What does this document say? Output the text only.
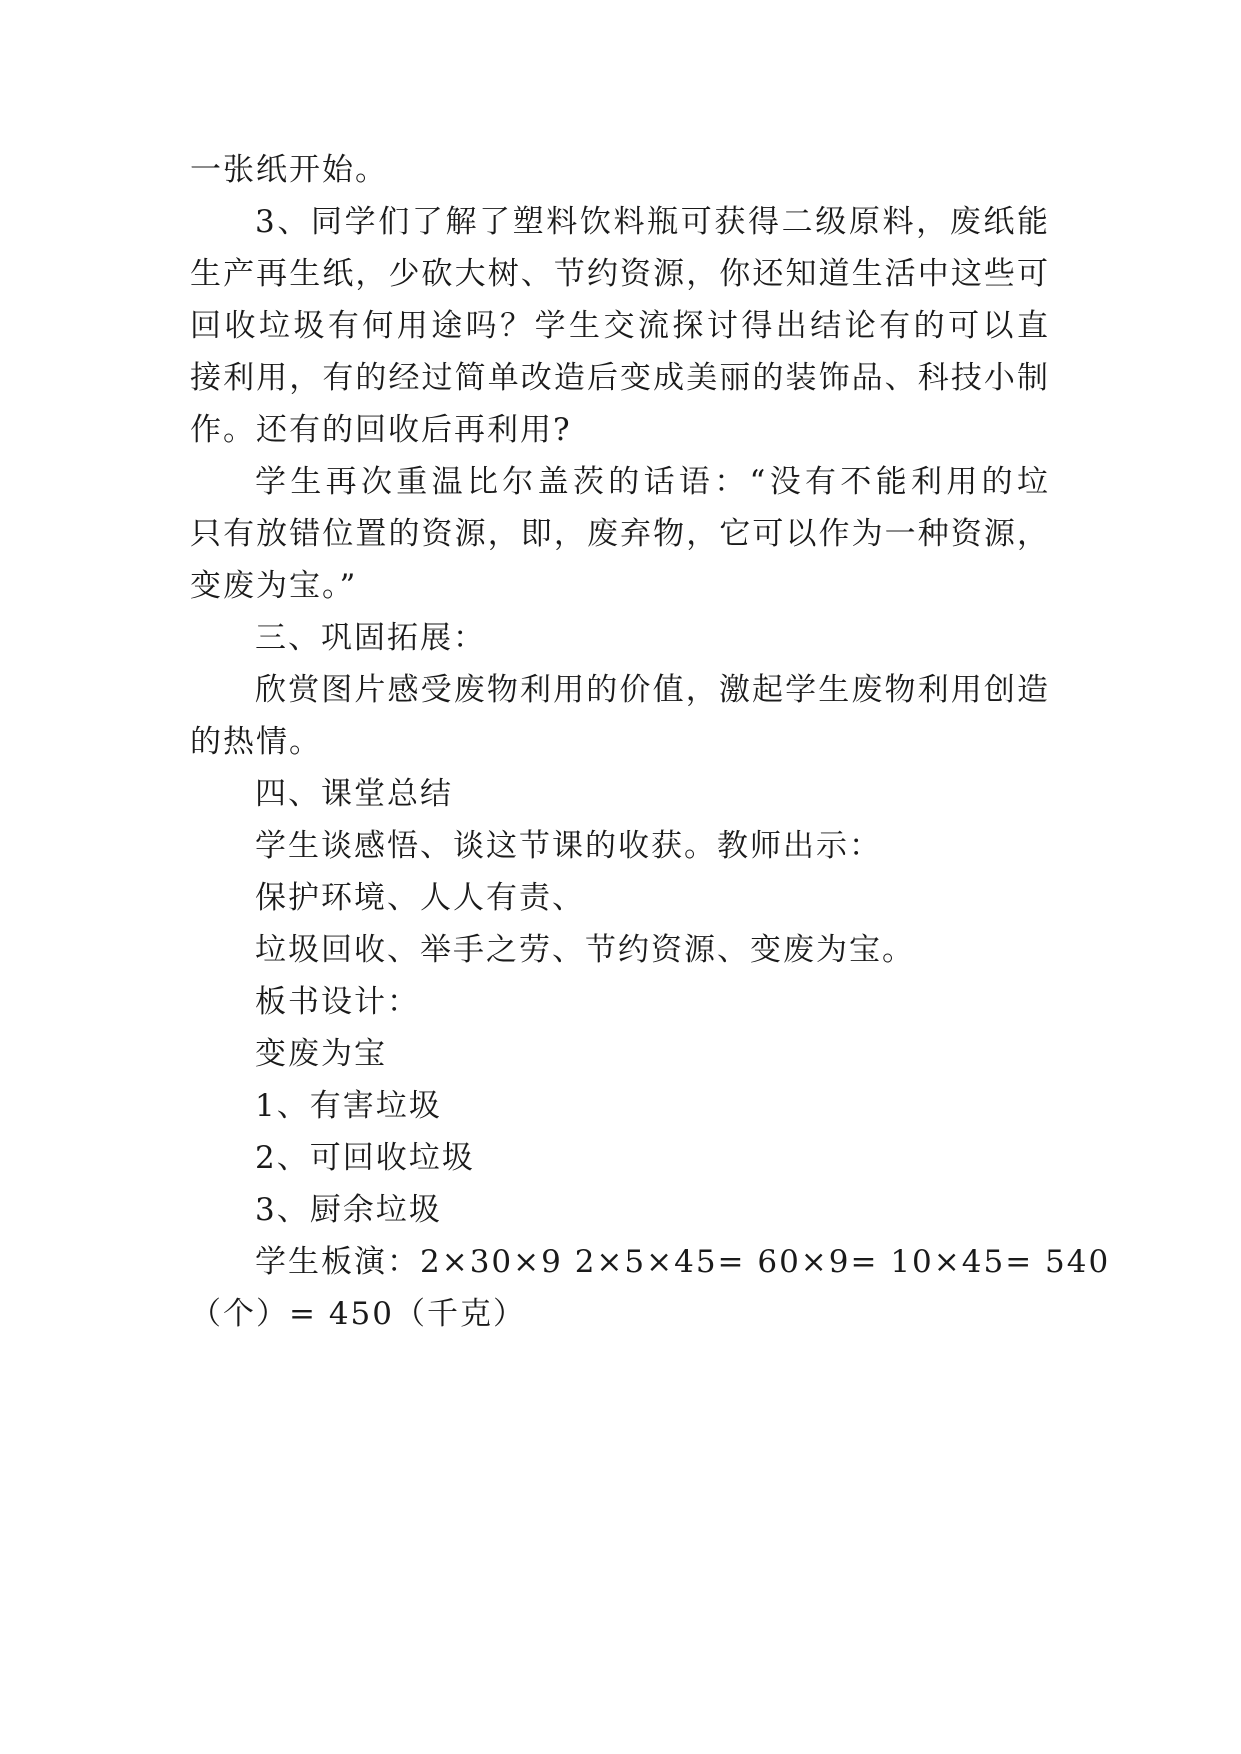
一张纸开始。
3、同学们了解了塑料饮料瓶可获得二级原料，废纸能
生产再生纸，少砍大树、节约资源，你还知道生活中这些可
回收垃圾有何用途吗？学生交流探讨得出结论有的可以直
接利用，有的经过简单改造后变成美丽的装饰品、科技小制
作。还有的回收后再利用?
学生再次重温比尔盖茨的话语：“没有不能利用的垃
只有放错位置的资源，即，废弃物，它可以作为一种资源，
变废为宝。”
三、巩固拓展：
欣赏图片感受废物利用的价值，激起学生废物利用创造
的热情。
四、课堂总结
学生谈感悟、谈这节课的收获。教师出示：
保护环境、人人有责、
垃圾回收、举手之劳、节约资源、变废为宝。
板书设计：
变废为宝
1、有害垃圾
2、可回收垃圾
3、厨余垃圾
学生板演：2×30×9 2×5×45= 60×9= 10×45= 540
（个）= 450（千克）
